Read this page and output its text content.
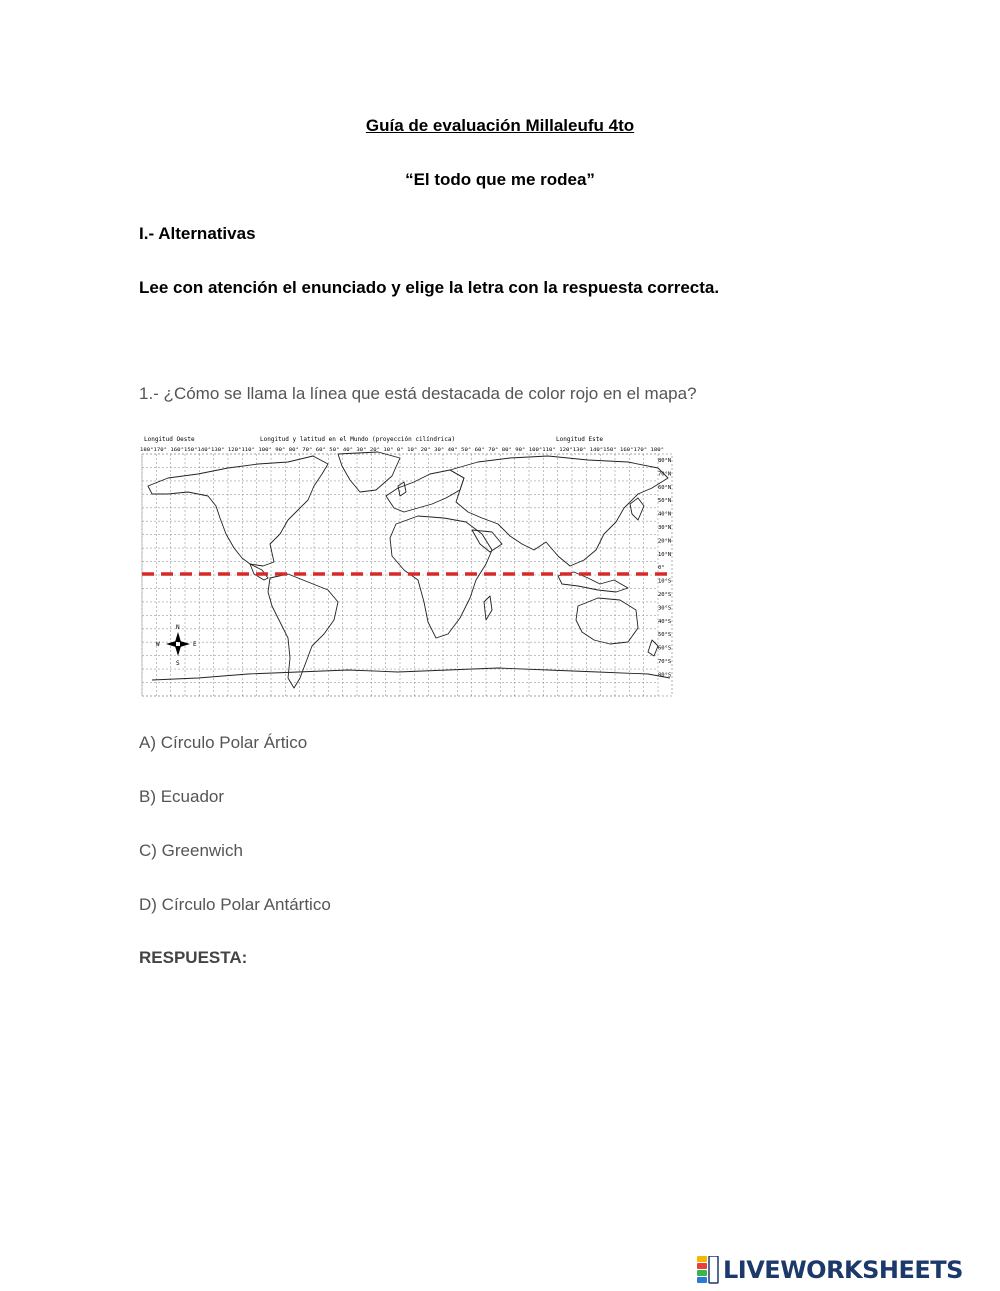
Guía de evaluación Millaleufu 4to
“El todo que me rodea”
I.- Alternativas
Lee con atención el enunciado y elige la letra con la respuesta correcta.
1.- ¿Cómo se llama la línea que está destacada de color rojo en el mapa?
Longitud Oeste	Longitud y latitud en el Mundo (proyección cilíndrica)	Longitud Este
180°170° 160°150°140°130° 120°110° 100° 90° 80° 70° 60° 50° 40° 30° 20° 10° 0° 10° 20° 30° 40° 50° 60° 70° 80° 90° 100°110° 120°130° 140°150° 160°170° 180°
80°N
70°N
60°N
50°N
40°N
30°N
20°N
10°N
0°
10°S
20°S
30°S
40°S
50°S
60°S
70°S
80°S
N
S
E
W
A) Círculo Polar Ártico
B) Ecuador
C) Greenwich
D) Círculo Polar Antártico
RESPUESTA:
LIVEWORKSHEETS
